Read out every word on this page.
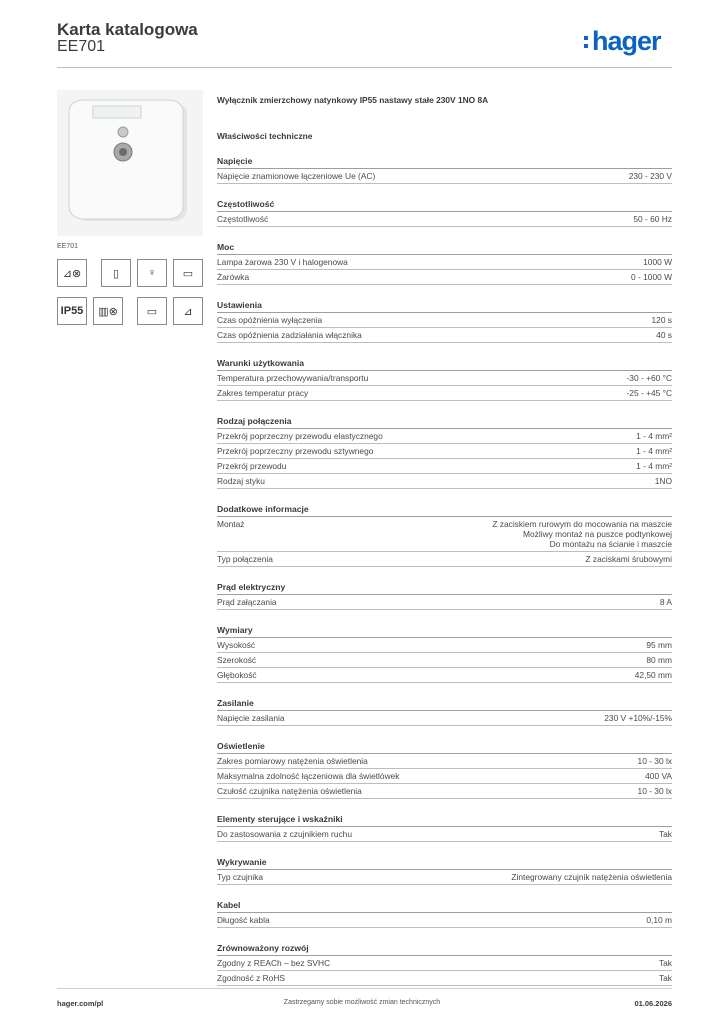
Karta katalogowa
EE701	hager
EE701
⊿⊗	▯	♀	▭
IP55	▥⊗	▭	⊿
Wyłącznik zmierzchowy natynkowy IP55 nastawy stałe 230V 1NO 8A
Właściwości techniczne
Napięcie
Napięcie znamionowe łączeniowe Ue (AC)	230 - 230 V
Częstotliwość
Częstotliwość	50 - 60 Hz
Moc
Lampa żarowa 230 V i halogenowa	1000 W
Żarówka	0 - 1000 W
Ustawienia
Czas opóźnienia wyłączenia	120 s
Czas opóźnienia zadziałania włącznika	40 s
Warunki użytkowania
Temperatura przechowywania/transportu	-30 - +60 °C
Zakres temperatur pracy	-25 - +45 °C
Rodzaj połączenia
Przekrój poprzeczny przewodu elastycznego	1 - 4 mm²
Przekrój poprzeczny przewodu sztywnego	1 - 4 mm²
Przekrój przewodu	1 - 4 mm²
Rodzaj styku	1NO
Dodatkowe informacje
Montaż	Z zaciskiem rurowym do mocowania na maszcie
Możliwy montaż na puszce podtynkowej
Do montażu na ścianie i maszcie
Typ połączenia	Z zaciskami śrubowymi
Prąd elektryczny
Prąd załączania	8 A
Wymiary
Wysokość	95 mm
Szerokość	80 mm
Głębokość	42,50 mm
Zasilanie
Napięcie zasilania	230 V +10%/-15%
Oświetlenie
Zakres pomiarowy natężenia oświetlenia	10 - 30 lx
Maksymalna zdolność łączeniowa dla świetlówek	400 VA
Czułość czujnika natężenia oświetlenia	10 - 30 lx
Elementy sterujące i wskaźniki
Do zastosowania z czujnikiem ruchu	Tak
Wykrywanie
Typ czujnika	Zintegrowany czujnik natężenia oświetlenia
Kabel
Długość kabla	0,10 m
Zrównoważony rozwój
Zgodny z REACh – bez SVHC	Tak
Zgodność z RoHS	Tak
hager.com/pl	Zastrzegamy sobie możliwość zmian technicznych	01.06.2026
